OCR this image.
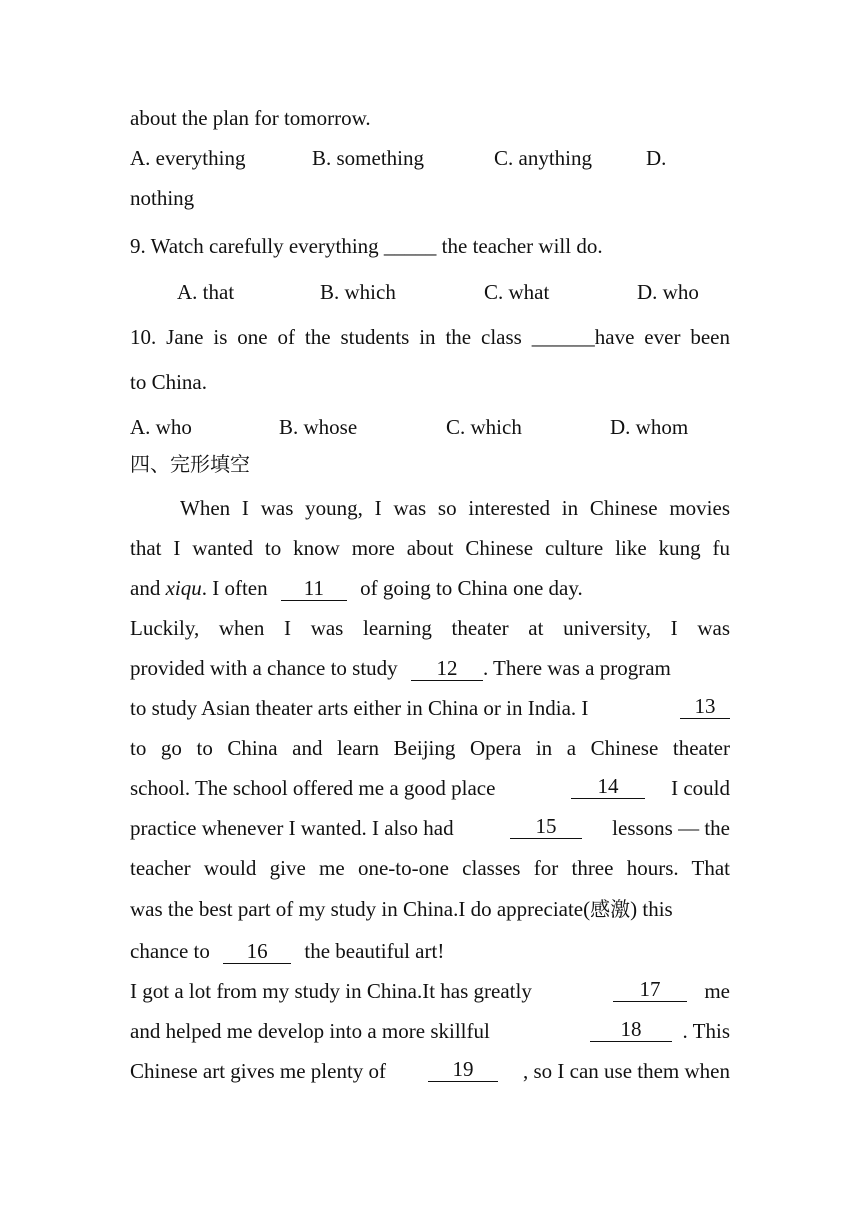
about the plan for tomorrow.
A. everything	B. something	C. anything	D.
nothing
9. Watch carefully everything _____ the teacher will do.
A. that	B. which	C. what	D. who
10. Jane is one of the students in the class ______have ever been
to China.
A. who	B. whose	C. which	D. whom
四、完形填空
When I was young, I was so interested in Chinese movies
that I wanted to know more about Chinese culture like kung fu
and xiqu. I often 11 of going to China one day.
Luckily, when I was learning theater at university, I was
provided with a chance to study 12 . There was a program
to study Asian theater arts either in China or in India. I	13
to go to China and learn Beijing Opera in a Chinese theater
school. The school offered me a good place	14	I could
practice whenever I wanted. I also had	15	lessons — the
teacher would give me one-to-one classes for three hours. That
was the best part of my study in China.I do appreciate(感激) this
chance to 16 the beautiful art!
I got a lot from my study in China.It has greatly	17	me
and helped me develop into a more skillful	18	. This
Chinese art gives me plenty of	19	, so I can use them when
